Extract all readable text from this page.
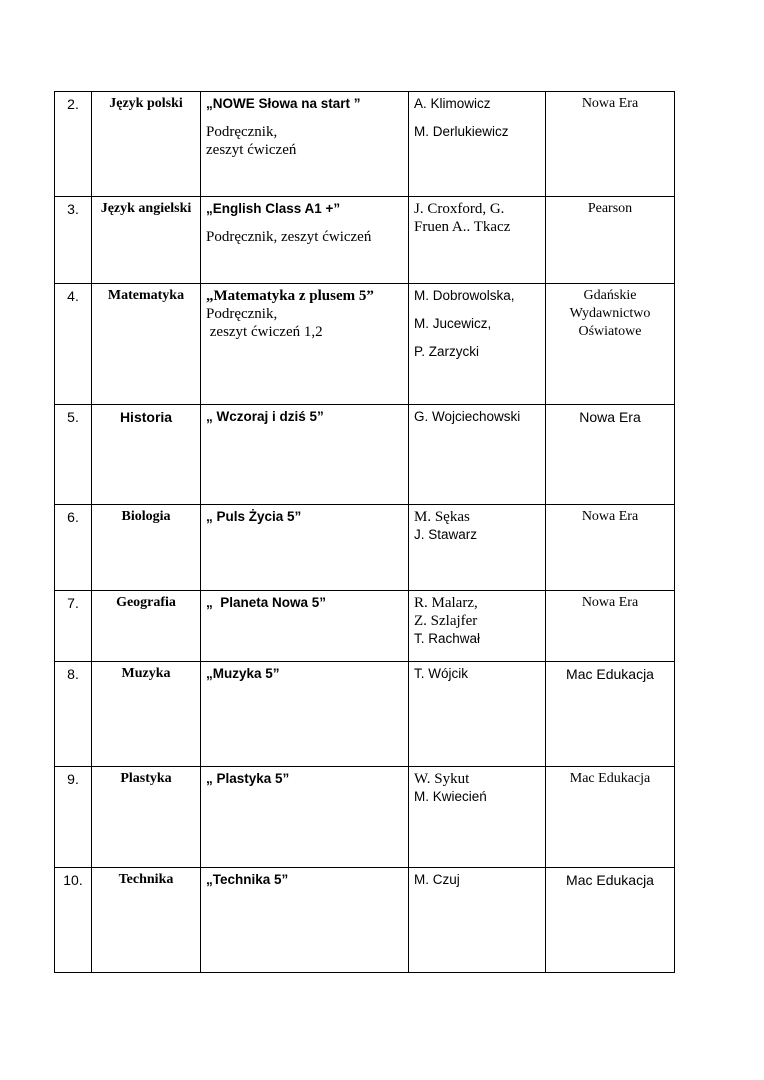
2.	Język polski	„NOWE Słowa na start ”
Podręcznik,
zeszyt ćwiczeń	A. Klimowicz
M. Derlukiewicz	Nowa Era
3.	Język angielski	„English Class A1 +”
Podręcznik, zeszyt ćwiczeń	J. Croxford, G.
Fruen A.. Tkacz	Pearson
4.	Matematyka	„Matematyka z plusem 5”
Podręcznik,
zeszyt ćwiczeń 1,2	M. Dobrowolska,
M. Jucewicz,
P. Zarzycki	Gdańskie
Wydawnictwo
Oświatowe

5.	Historia	„ Wczoraj i dziś 5”	G. Wojciechowski	Nowa Era
6.	Biologia	„ Puls Życia 5”	M. Sękas
J. Stawarz	Nowa Era
7.	Geografia	„  Planeta Nowa 5”	R. Malarz,
Z. Szlajfer
T. Rachwał	Nowa Era
8.	Muzyka	„Muzyka 5”	T. Wójcik	Mac Edukacja
9.	Plastyka	„ Plastyka 5”	W. Sykut
M. Kwiecień	Mac Edukacja
10.	Technika	„Technika 5”	M. Czuj	Mac Edukacja
